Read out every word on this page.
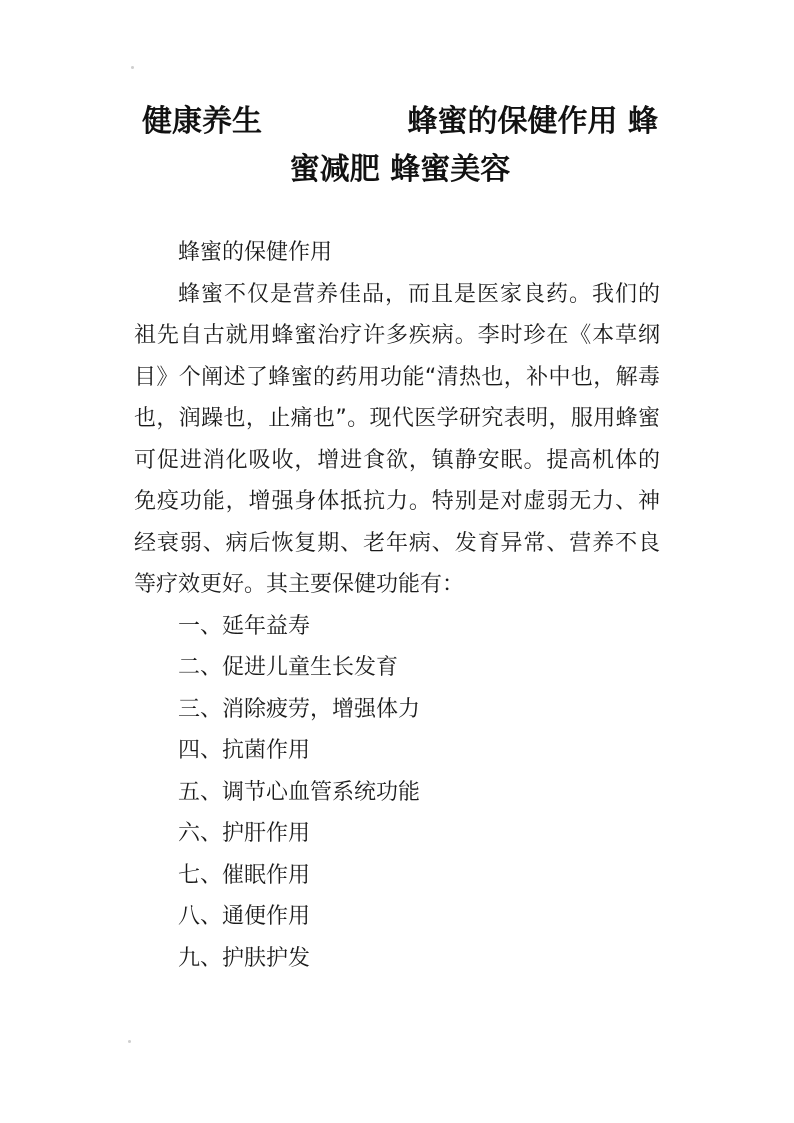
健康养生	蜂蜜的保健作用 蜂
蜜减肥 蜂蜜美容

蜂蜜的保健作用

蜂蜜不仅是营养佳品，而且是医家良药。我们的祖先自古就用蜂蜜治疗许多疾病。李时珍在《本草纲目》个阐述了蜂蜜的药用功能“清热也，补中也，解毒也，润躁也，止痛也”。现代医学研究表明，服用蜂蜜可促进消化吸收，增进食欲，镇静安眠。提高机体的免疫功能，增强身体抵抗力。特别是对虚弱无力、神经衰弱、病后恢复期、老年病、发育异常、营养不良等疗效更好。其主要保健功能有：

一、延年益寿

二、促进儿童生长发育

三、消除疲劳，增强体力

四、抗菌作用

五、调节心血管系统功能

六、护肝作用

七、催眠作用

八、通便作用

九、护肤护发
